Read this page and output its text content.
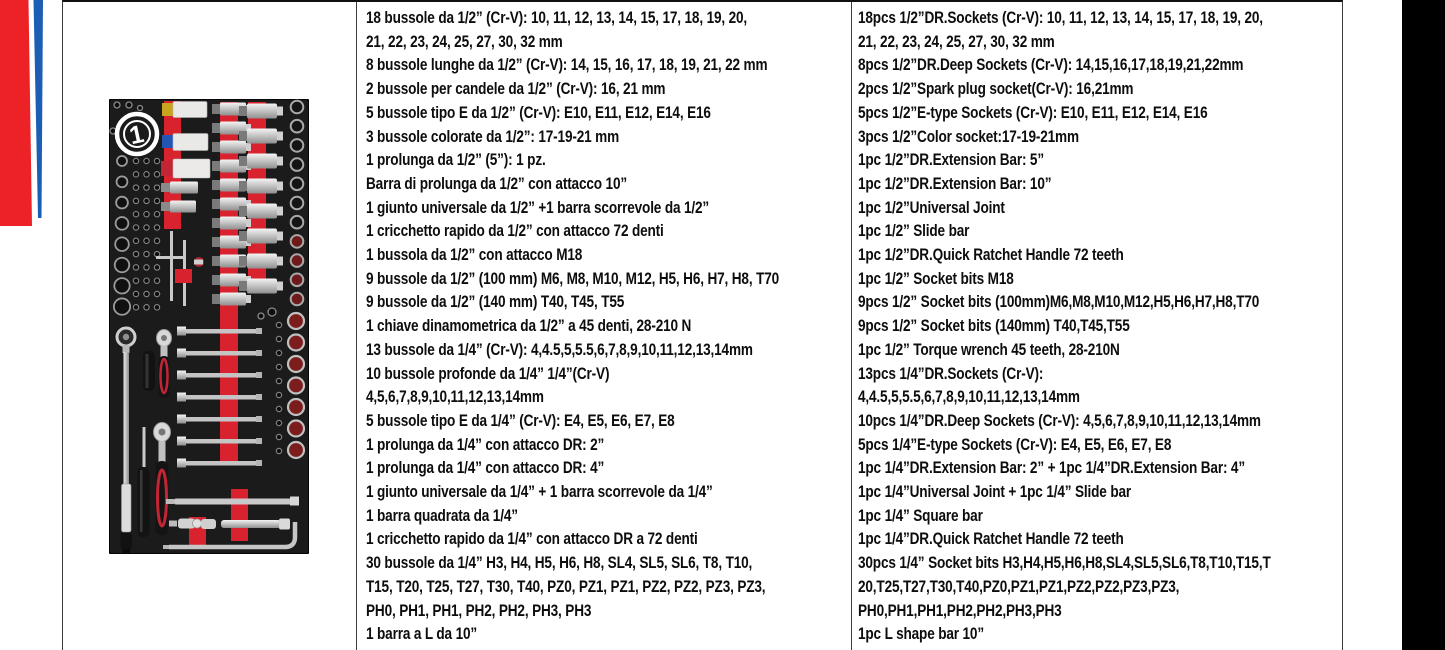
1
18 bussole da 1/2” (Cr-V): 10, 11, 12, 13, 14, 15, 17, 18, 19, 20,
21, 22, 23, 24, 25, 27, 30, 32 mm
8 bussole lunghe da 1/2” (Cr-V): 14, 15, 16, 17, 18, 19, 21, 22 mm
2 bussole per candele da 1/2” (Cr-V): 16, 21 mm
5 bussole tipo E da 1/2” (Cr-V): E10, E11, E12, E14, E16
3 bussole colorate da 1/2”: 17-19-21 mm
1 prolunga da 1/2” (5”): 1 pz.
Barra di prolunga da 1/2” con attacco 10”
1 giunto universale da 1/2” +1 barra scorrevole da 1/2”
1 cricchetto rapido da 1/2” con attacco 72 denti
1 bussola da 1/2” con attacco M18
9 bussole da 1/2” (100 mm) M6, M8, M10, M12, H5, H6, H7, H8, T70
9 bussole da 1/2” (140 mm) T40, T45, T55
1 chiave dinamometrica da 1/2” a 45 denti, 28-210 N
13 bussole da 1/4” (Cr-V): 4,4.5,5,5.5,6,7,8,9,10,11,12,13,14mm
10 bussole profonde da 1/4” 1/4”(Cr-V)
4,5,6,7,8,9,10,11,12,13,14mm
5 bussole tipo E da 1/4” (Cr-V): E4, E5, E6, E7, E8
1 prolunga da 1/4” con attacco DR: 2”
1 prolunga da 1/4” con attacco DR: 4”
1 giunto universale da 1/4” + 1 barra scorrevole da 1/4”
1 barra quadrata da 1/4”
1 cricchetto rapido da 1/4” con attacco DR a 72 denti
30 bussole da 1/4” H3, H4, H5, H6, H8, SL4, SL5, SL6, T8, T10,
T15, T20, T25, T27, T30, T40, PZ0, PZ1, PZ1, PZ2, PZ2, PZ3, PZ3,
PH0, PH1, PH1, PH2, PH2, PH3, PH3
1 barra a L da 10”
18pcs 1/2”DR.Sockets (Cr-V): 10, 11, 12, 13, 14, 15, 17, 18, 19, 20,
21, 22, 23, 24, 25, 27, 30, 32 mm
8pcs 1/2”DR.Deep Sockets (Cr-V): 14,15,16,17,18,19,21,22mm
2pcs 1/2”Spark plug socket(Cr-V): 16,21mm
5pcs 1/2”E-type Sockets (Cr-V): E10, E11, E12, E14, E16
3pcs 1/2”Color socket:17-19-21mm
1pc 1/2”DR.Extension Bar: 5”
1pc 1/2”DR.Extension Bar: 10”
1pc 1/2”Universal Joint
1pc 1/2” Slide bar
1pc 1/2”DR.Quick Ratchet Handle 72 teeth
1pc 1/2” Socket bits M18
9pcs 1/2” Socket bits (100mm)M6,M8,M10,M12,H5,H6,H7,H8,T70
9pcs 1/2” Socket bits (140mm) T40,T45,T55
1pc 1/2” Torque wrench 45 teeth, 28-210N
13pcs 1/4”DR.Sockets (Cr-V):
4,4.5,5,5.5,6,7,8,9,10,11,12,13,14mm
10pcs 1/4”DR.Deep Sockets (Cr-V): 4,5,6,7,8,9,10,11,12,13,14mm
5pcs 1/4”E-type Sockets (Cr-V): E4, E5, E6, E7, E8
1pc 1/4”DR.Extension Bar: 2” + 1pc 1/4”DR.Extension Bar: 4”
1pc 1/4”Universal Joint + 1pc 1/4” Slide bar
1pc 1/4” Square bar
1pc 1/4”DR.Quick Ratchet Handle 72 teeth
30pcs 1/4” Socket bits H3,H4,H5,H6,H8,SL4,SL5,SL6,T8,T10,T15,T
20,T25,T27,T30,T40,PZ0,PZ1,PZ1,PZ2,PZ2,PZ3,PZ3,
PH0,PH1,PH1,PH2,PH2,PH3,PH3
1pc L shape bar 10”
